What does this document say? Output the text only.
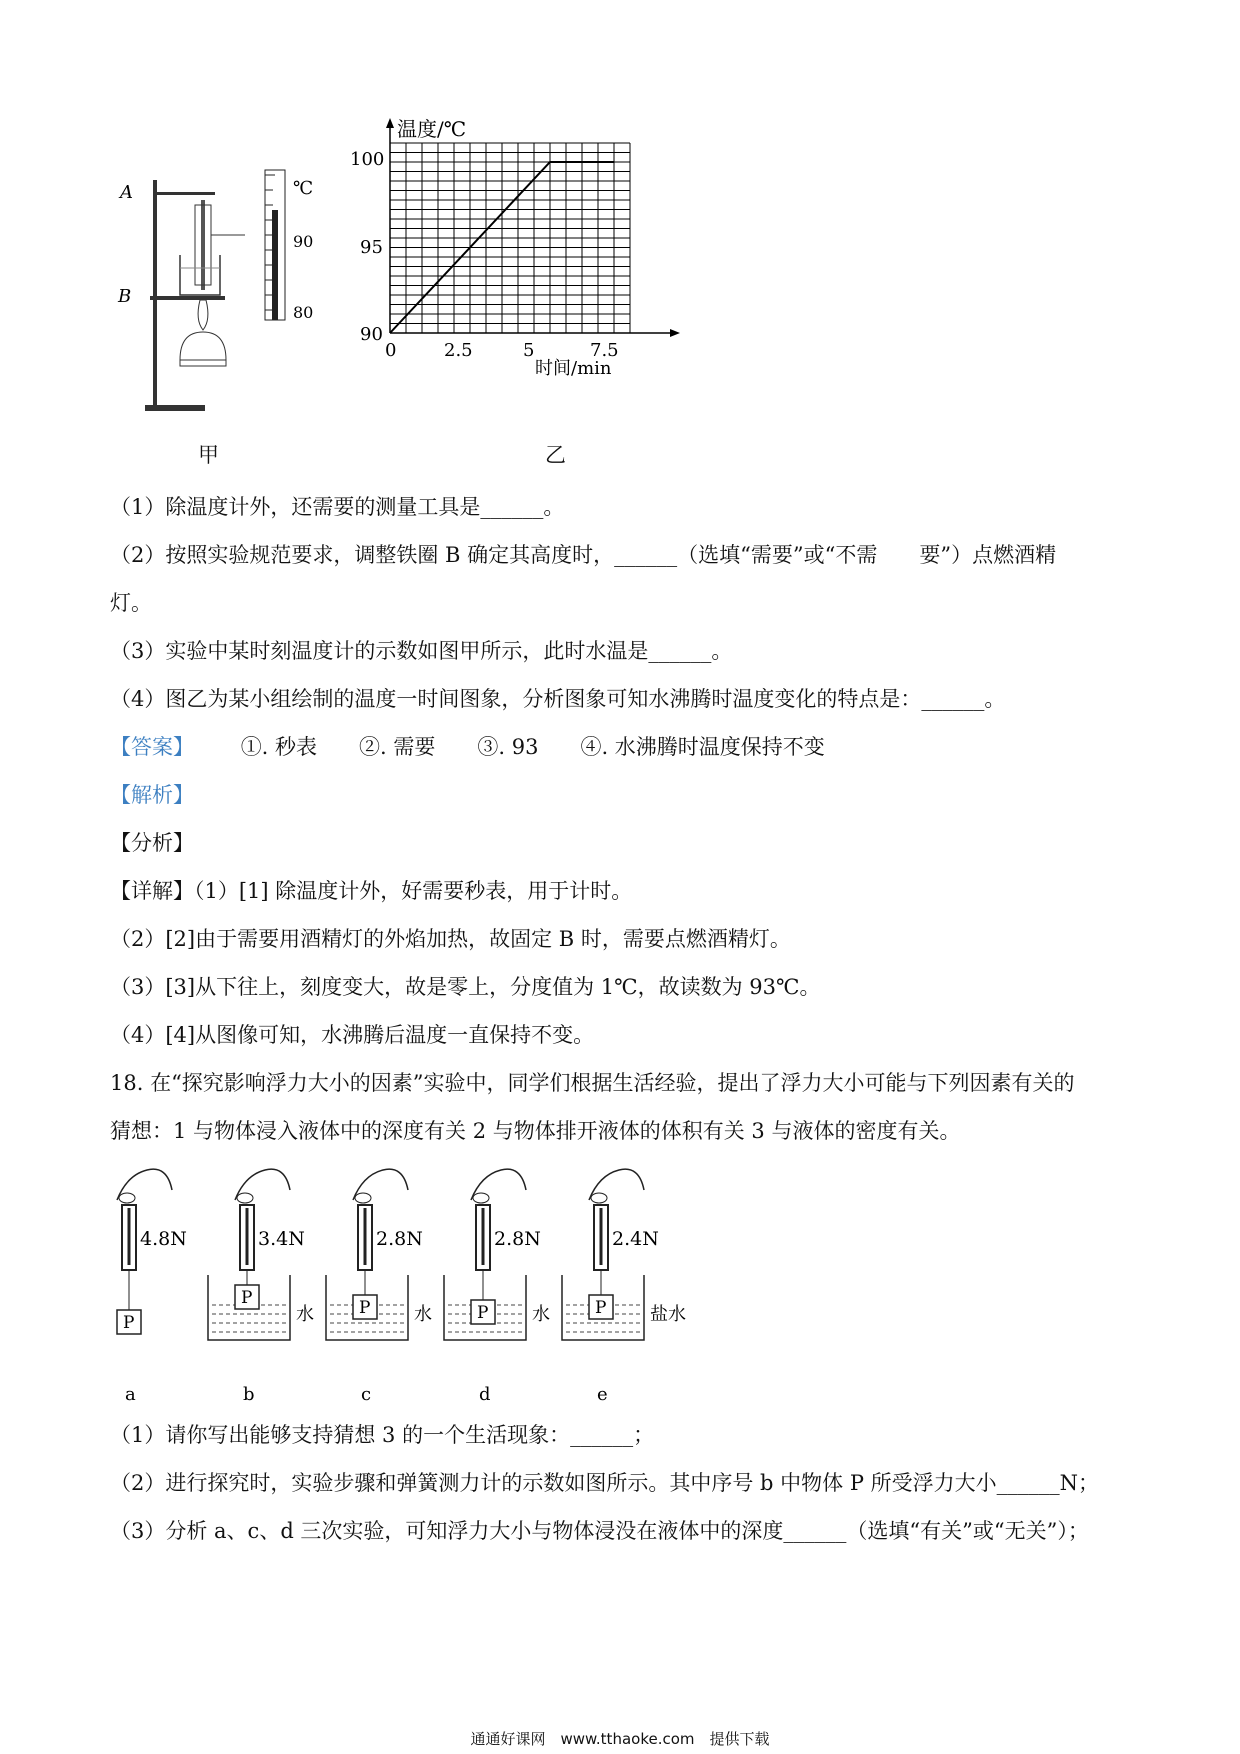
A
B
℃
90
80
甲
温度/℃
时间/min
100
95
90
0	2.5	5	7.5
乙
（1）除温度计外，还需要的测量工具是______。
（2）按照实验规范要求，调整铁圈 B 确定其高度时，______（选填“需要”或“不需　　要”）点燃酒精
灯。
（3）实验中某时刻温度计的示数如图甲所示，此时水温是______。
（4）图乙为某小组绘制的温度一时间图象，分析图象可知水沸腾时温度变化的特点是：______。
【答案】 ①. 秒表　　②. 需要　　③. 93　　④. 水沸腾时温度保持不变
【解析】
【分析】
【详解】（1）[1] 除温度计外，好需要秒表，用于计时。
（2）[2]由于需要用酒精灯的外焰加热，故固定 B 时，需要点燃酒精灯。
（3）[3]从下往上，刻度变大，故是零上，分度值为 1℃，故读数为 93℃。
（4）[4]从图像可知，水沸腾后温度一直保持不变。
18. 在“探究影响浮力大小的因素”实验中，同学们根据生活经验，提出了浮力大小可能与下列因素有关的
猜想：1 与物体浸入液体中的深度有关 2 与物体排开液体的体积有关 3 与液体的密度有关。
4.8N
P
a
3.4N
水
P
b
2.8N
水
P
c
2.8N
水
P
d
2.4N
盐水
P
e
（1）请你写出能够支持猜想 3 的一个生活现象：______；
（2）进行探究时，实验步骤和弹簧测力计的示数如图所示。其中序号 b 中物体 P 所受浮力大小______N；
（3）分析 a、c、d 三次实验，可知浮力大小与物体浸没在液体中的深度______（选填“有关”或“无关”）；
通通好课网　www.tthaoke.com　提供下载
